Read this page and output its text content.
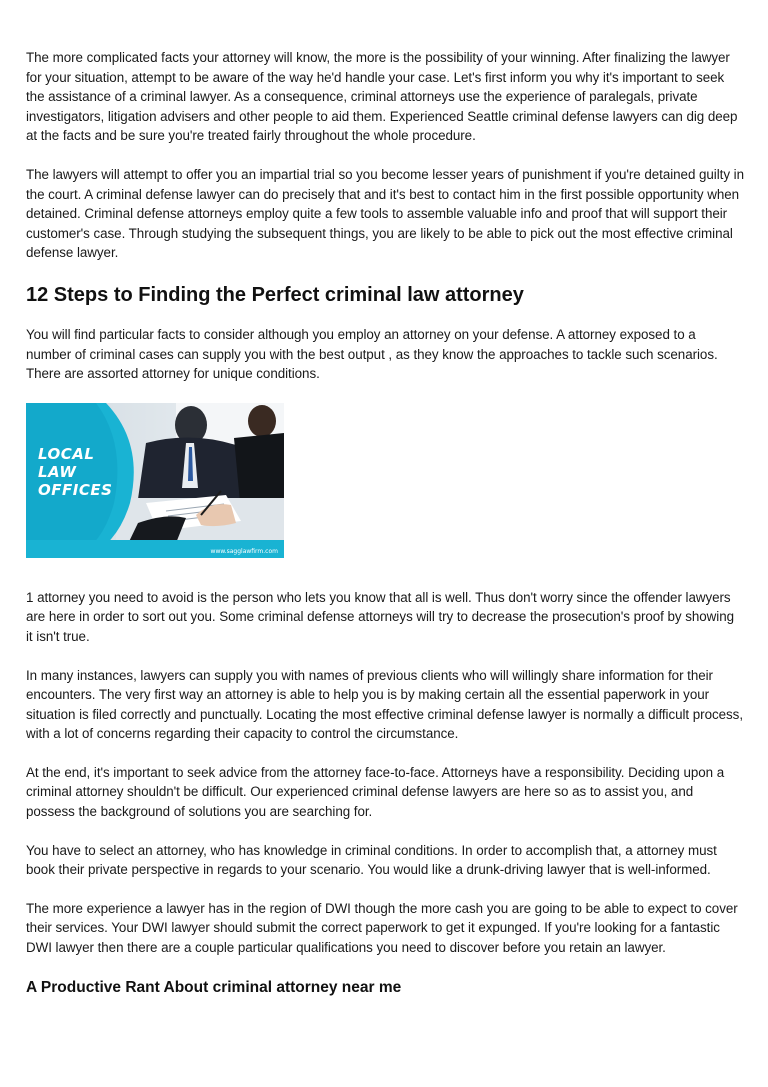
The more complicated facts your attorney will know, the more is the possibility of your winning. After finalizing the lawyer for your situation, attempt to be aware of the way he'd handle your case. Let's first inform you why it's important to seek the assistance of a criminal lawyer. As a consequence, criminal attorneys use the experience of paralegals, private investigators, litigation advisers and other people to aid them. Experienced Seattle criminal defense lawyers can dig deep at the facts and be sure you're treated fairly throughout the whole procedure.

The lawyers will attempt to offer you an impartial trial so you become lesser years of punishment if you're detained guilty in the court. A criminal defense lawyer can do precisely that and it's best to contact him in the first possible opportunity when detained. Criminal defense attorneys employ quite a few tools to assemble valuable info and proof that will support their customer's case. Through studying the subsequent things, you are likely to be able to pick out the most effective criminal defense lawyer.

12 Steps to Finding the Perfect criminal law attorney

You will find particular facts to consider although you employ an attorney on your defense. A attorney exposed to a number of criminal cases can supply you with the best output , as they know the approaches to tackle such scenarios. There are assorted attorney for unique conditions.

LOCAL
LAW
OFFICES
www.sagglawfirm.com

1 attorney you need to avoid is the person who lets you know that all is well. Thus don't worry since the offender lawyers are here in order to sort out you. Some criminal defense attorneys will try to decrease the prosecution's proof by showing it isn't true.

In many instances, lawyers can supply you with names of previous clients who will willingly share information for their encounters. The very first way an attorney is able to help you is by making certain all the essential paperwork in your situation is filed correctly and punctually. Locating the most effective criminal defense lawyer is normally a difficult process, with a lot of concerns regarding their capacity to control the circumstance.

At the end, it's important to seek advice from the attorney face-to-face. Attorneys have a responsibility. Deciding upon a criminal attorney shouldn't be difficult. Our experienced criminal defense lawyers are here so as to assist you, and possess the background of solutions you are searching for.

You have to select an attorney, who has knowledge in criminal conditions. In order to accomplish that, a attorney must book their private perspective in regards to your scenario. You would like a drunk-driving lawyer that is well-informed.

The more experience a lawyer has in the region of DWI though the more cash you are going to be able to expect to cover their services. Your DWI lawyer should submit the correct paperwork to get it expunged. If you're looking for a fantastic DWI lawyer then there are a couple particular qualifications you need to discover before you retain an lawyer.

A Productive Rant About criminal attorney near me
